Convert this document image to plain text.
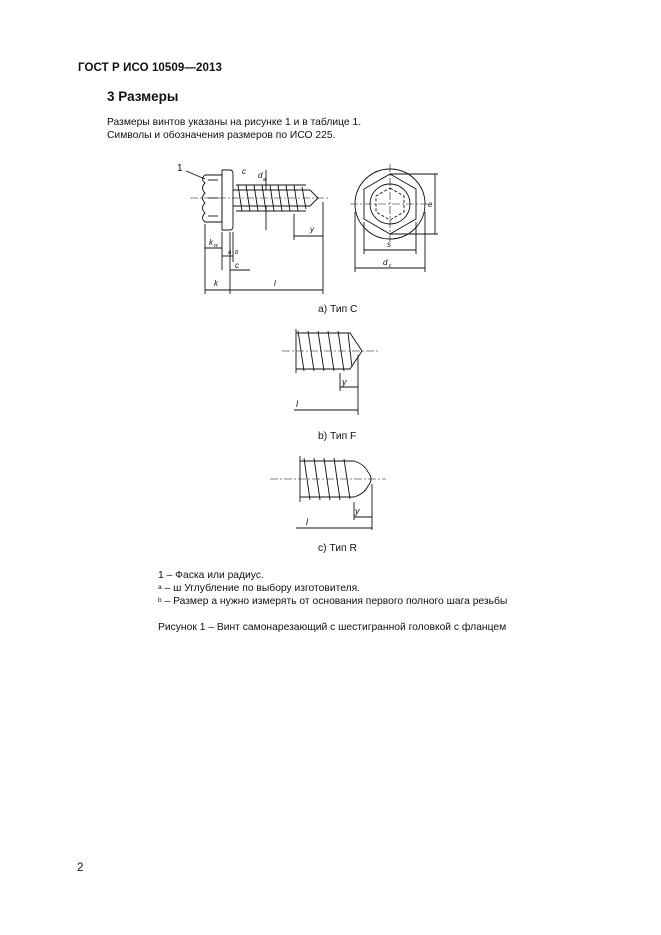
ГОСТ Р ИСО 10509—2013
3 Размеры
Размеры винтов указаны на рисунке 1 и в таблице 1.
Символы и обозначения размеров по ИСО 225.
1	c d a
k w
b
a
c
y
k	l
e
s
d c
a) Тип С
y
l
b) Тип F
y
l
c) Тип R
1 – Фаска или радиус.
$^a$ – ш Углубление по выбору изготовителя.
$^b$ – Размер a нужно измерять от основания первого полного шага резьбы
Рисунок 1 – Винт самонарезающий с шестигранной головкой с фланцем
2
